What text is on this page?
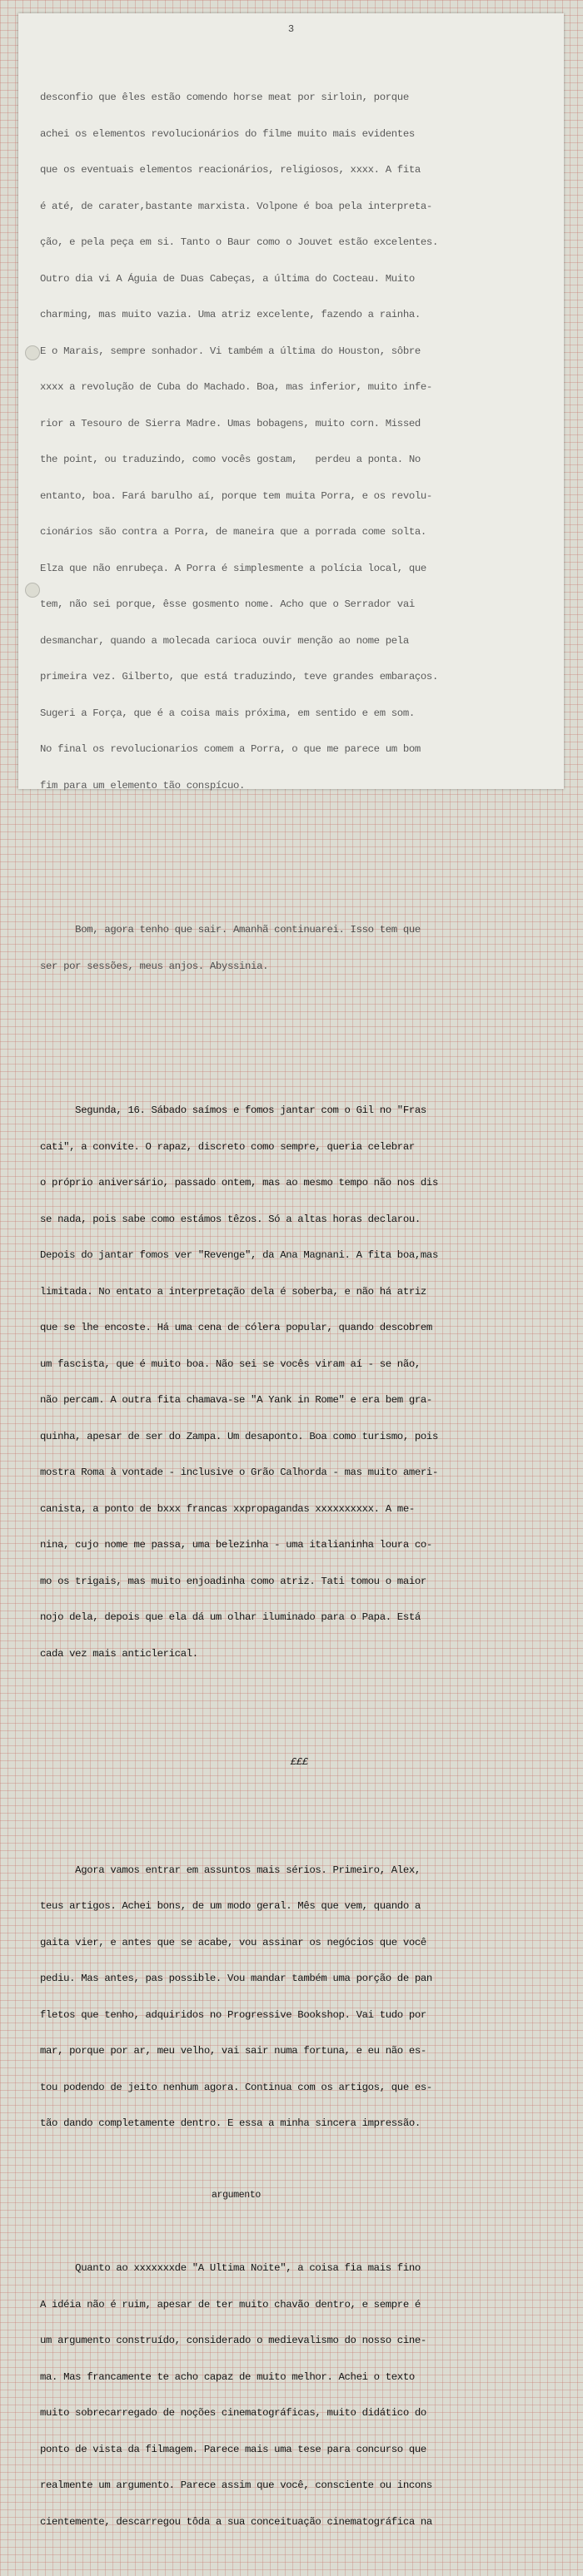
3

desconfio que êles estão comendo horse meat por sirloin, porque

achei os elementos revolucionários do filme muito mais evidentes

que os eventuais elementos reacionários, religiosos, xxxx. A fita

é até, de carater,bastante marxista. Volpone é boa pela interpreta-

ção, e pela peça em si. Tanto o Baur como o Jouvet estão excelentes.

Outro dia vi A Águia de Duas Cabeças, a última do Cocteau. Muito

charming, mas muito vazia. Uma atriz excelente, fazendo a rainha.

E o Marais, sempre sonhador. Vi também a última do Houston, sôbre

xxxx a revolução de Cuba do Machado. Boa, mas inferior, muito infe-

rior a Tesouro de Sierra Madre. Umas bobagens, muito corn. Missed

the point, ou traduzindo, como vocês gostam,   perdeu a ponta. No

entanto, boa. Fará barulho aí, porque tem muita Porra, e os revolu-

cionários são contra a Porra, de maneira que a porrada come solta.

Elza que não enrubeça. A Porra é simplesmente a polícia local, que

tem, não sei porque, êsse gosmento nome. Acho que o Serrador vai

desmanchar, quando a molecada carioca ouvir menção ao nome pela

primeira vez. Gilberto, que está traduzindo, teve grandes embaraços.

Sugeri a Força, que é a coisa mais próxima, em sentido e em som.

No final os revolucionarios comem a Porra, o que me parece um bom

fim para um elemento tão conspícuo.

Bom, agora tenho que sair. Amanhã continuarei. Isso tem que

ser por sessões, meus anjos. Abyssinia.

Segunda, 16. Sábado saímos e fomos jantar com o Gil no "Fras

cati", a convite. O rapaz, discreto como sempre, queria celebrar

o próprio aniversário, passado ontem, mas ao mesmo tempo não nos dis

se nada, pois sabe como estámos têzos. Só a altas horas declarou.

Depois do jantar fomos ver "Revenge", da Ana Magnani. A fita boa,mas

limitada. No entato a interpretação dela é soberba, e não há atriz

que se lhe encoste. Há uma cena de cólera popular, quando descobrem

um fascista, que é muito boa. Não sei se vocês viram aí - se não,

não percam. A outra fita chamava-se "A Yank in Rome" e era bem gra-

quinha, apesar de ser do Zampa. Um desaponto. Boa como turismo, pois

mostra Roma à vontade - inclusive o Grão Calhorda - mas muito ameri-

canista, a ponto de bxxx francas xxpropagandas xxxxxxxxxx. A me-

nina, cujo nome me passa, uma belezinha - uma italianinha loura co-

mo os trigais, mas muito enjoadinha como atriz. Tati tomou o maior

nojo dela, depois que ela dá um olhar iluminado para o Papa. Está

cada vez mais anticlerical.

£££

Agora vamos entrar em assuntos mais sérios. Primeiro, Alex,

teus artigos. Achei bons, de um modo geral. Mês que vem, quando a

gaita vier, e antes que se acabe, vou assinar os negócios que você

pediu. Mas antes, pas possible. Vou mandar também uma porção de pan

fletos que tenho, adquiridos no Progressive Bookshop. Vai tudo por

mar, porque por ar, meu velho, vai sair numa fortuna, e eu não es-

tou podendo de jeito nenhum agora. Continua com os artigos, que es-

tão dando completamente dentro. E essa a minha sincera impressão.

argumento

Quanto ao xxxxxxxde "A Ultima Noite", a coisa fia mais fino

A idéia não é ruim, apesar de ter muito chavão dentro, e sempre é

um argumento construído, considerado o medievalismo do nosso cine-

ma. Mas francamente te acho capaz de muito melhor. Achei o texto

muito sobrecarregado de noções cinematográficas, muito didático do

ponto de vista da filmagem. Parece mais uma tese para concurso que

realmente um argumento. Parece assim que você, consciente ou incons

cientemente, descarregou tôda a sua conceituação cinematográfica na
